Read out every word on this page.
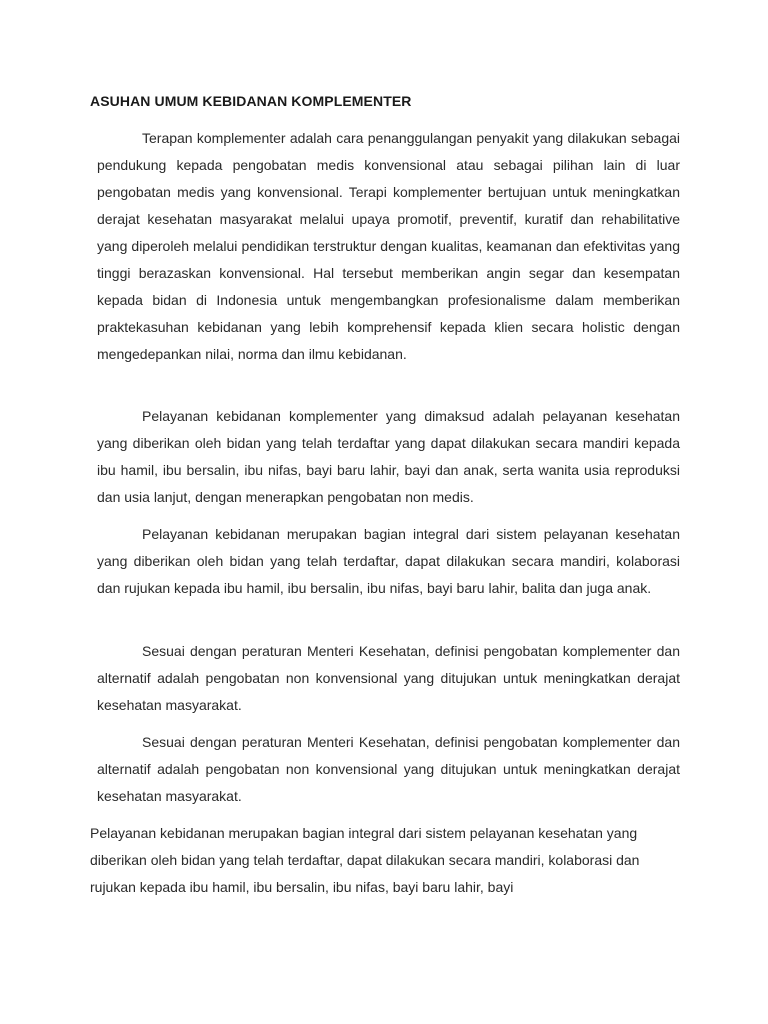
ASUHAN UMUM KEBIDANAN KOMPLEMENTER

Terapan komplementer adalah cara penanggulangan penyakit yang dilakukan sebagai pendukung kepada pengobatan medis konvensional atau sebagai pilihan lain di luar pengobatan medis yang konvensional. Terapi komplementer bertujuan untuk meningkatkan derajat kesehatan masyarakat melalui upaya promotif, preventif, kuratif dan rehabilitative yang diperoleh melalui pendidikan terstruktur dengan kualitas, keamanan dan efektivitas yang tinggi berazaskan konvensional. Hal tersebut memberikan angin segar dan kesempatan kepada bidan di Indonesia untuk mengembangkan profesionalisme dalam memberikan praktekasuhan kebidanan yang lebih komprehensif kepada klien secara holistic dengan mengedepankan nilai, norma dan ilmu kebidanan.

Pelayanan kebidanan komplementer yang dimaksud adalah pelayanan kesehatan yang diberikan oleh bidan yang telah terdaftar yang dapat dilakukan secara mandiri kepada ibu hamil, ibu bersalin, ibu nifas, bayi baru lahir, bayi dan anak, serta wanita usia reproduksi dan usia lanjut, dengan menerapkan pengobatan non medis.

Pelayanan kebidanan merupakan bagian integral dari sistem pelayanan kesehatan yang diberikan oleh bidan yang telah terdaftar, dapat dilakukan secara mandiri, kolaborasi dan rujukan kepada ibu hamil, ibu bersalin, ibu nifas, bayi baru lahir, balita dan juga anak.

Sesuai dengan peraturan Menteri Kesehatan, definisi pengobatan komplementer dan alternatif adalah pengobatan non konvensional yang ditujukan untuk meningkatkan derajat kesehatan masyarakat.

Sesuai dengan peraturan Menteri Kesehatan, definisi pengobatan komplementer dan alternatif adalah pengobatan non konvensional yang ditujukan untuk meningkatkan derajat kesehatan masyarakat.

Pelayanan kebidanan merupakan bagian integral dari sistem pelayanan kesehatan yang diberikan oleh bidan yang telah terdaftar, dapat dilakukan secara mandiri, kolaborasi dan rujukan kepada ibu hamil, ibu bersalin, ibu nifas, bayi baru lahir, bayi
